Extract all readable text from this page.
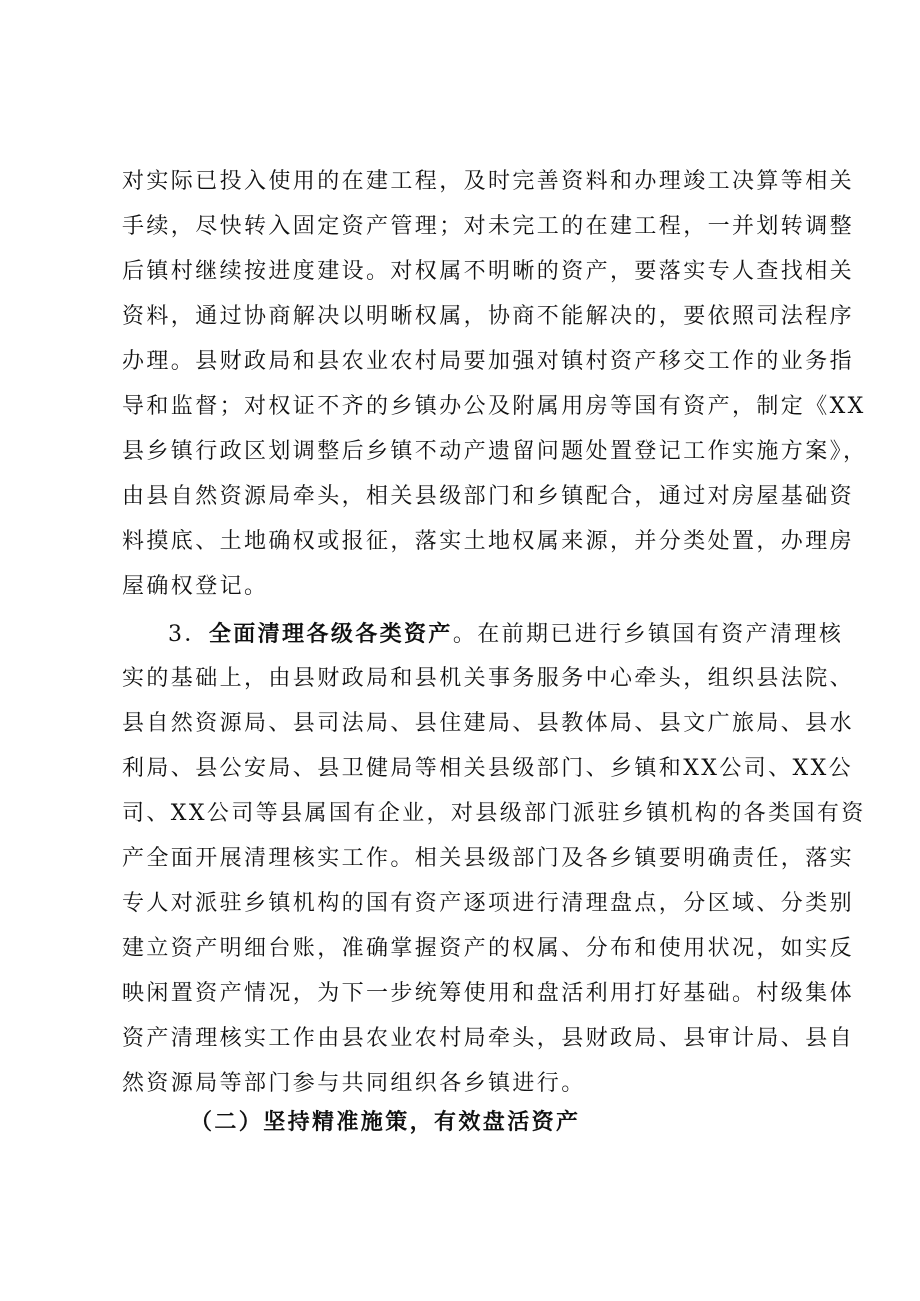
对实际已投入使用的在建工程，及时完善资料和办理竣工决算等相关
手续，尽快转入固定资产管理；对未完工的在建工程，一并划转调整
后镇村继续按进度建设。对权属不明晰的资产，要落实专人查找相关
资料，通过协商解决以明晰权属，协商不能解决的，要依照司法程序
办理。县财政局和县农业农村局要加强对镇村资产移交工作的业务指
导和监督；对权证不齐的乡镇办公及附属用房等国有资产，制定《XX
县乡镇行政区划调整后乡镇不动产遗留问题处置登记工作实施方案》，
由县自然资源局牵头，相关县级部门和乡镇配合，通过对房屋基础资
料摸底、土地确权或报征，落实土地权属来源，并分类处置，办理房
屋确权登记。
3．全面清理各级各类资产。在前期已进行乡镇国有资产清理核
实的基础上，由县财政局和县机关事务服务中心牵头，组织县法院、
县自然资源局、县司法局、县住建局、县教体局、县文广旅局、县水
利局、县公安局、县卫健局等相关县级部门、乡镇和XX公司、XX公
司、XX公司等县属国有企业，对县级部门派驻乡镇机构的各类国有资
产全面开展清理核实工作。相关县级部门及各乡镇要明确责任，落实
专人对派驻乡镇机构的国有资产逐项进行清理盘点，分区域、分类别
建立资产明细台账，准确掌握资产的权属、分布和使用状况，如实反
映闲置资产情况，为下一步统筹使用和盘活利用打好基础。村级集体
资产清理核实工作由县农业农村局牵头，县财政局、县审计局、县自
然资源局等部门参与共同组织各乡镇进行。
（二）坚持精准施策，有效盘活资产
